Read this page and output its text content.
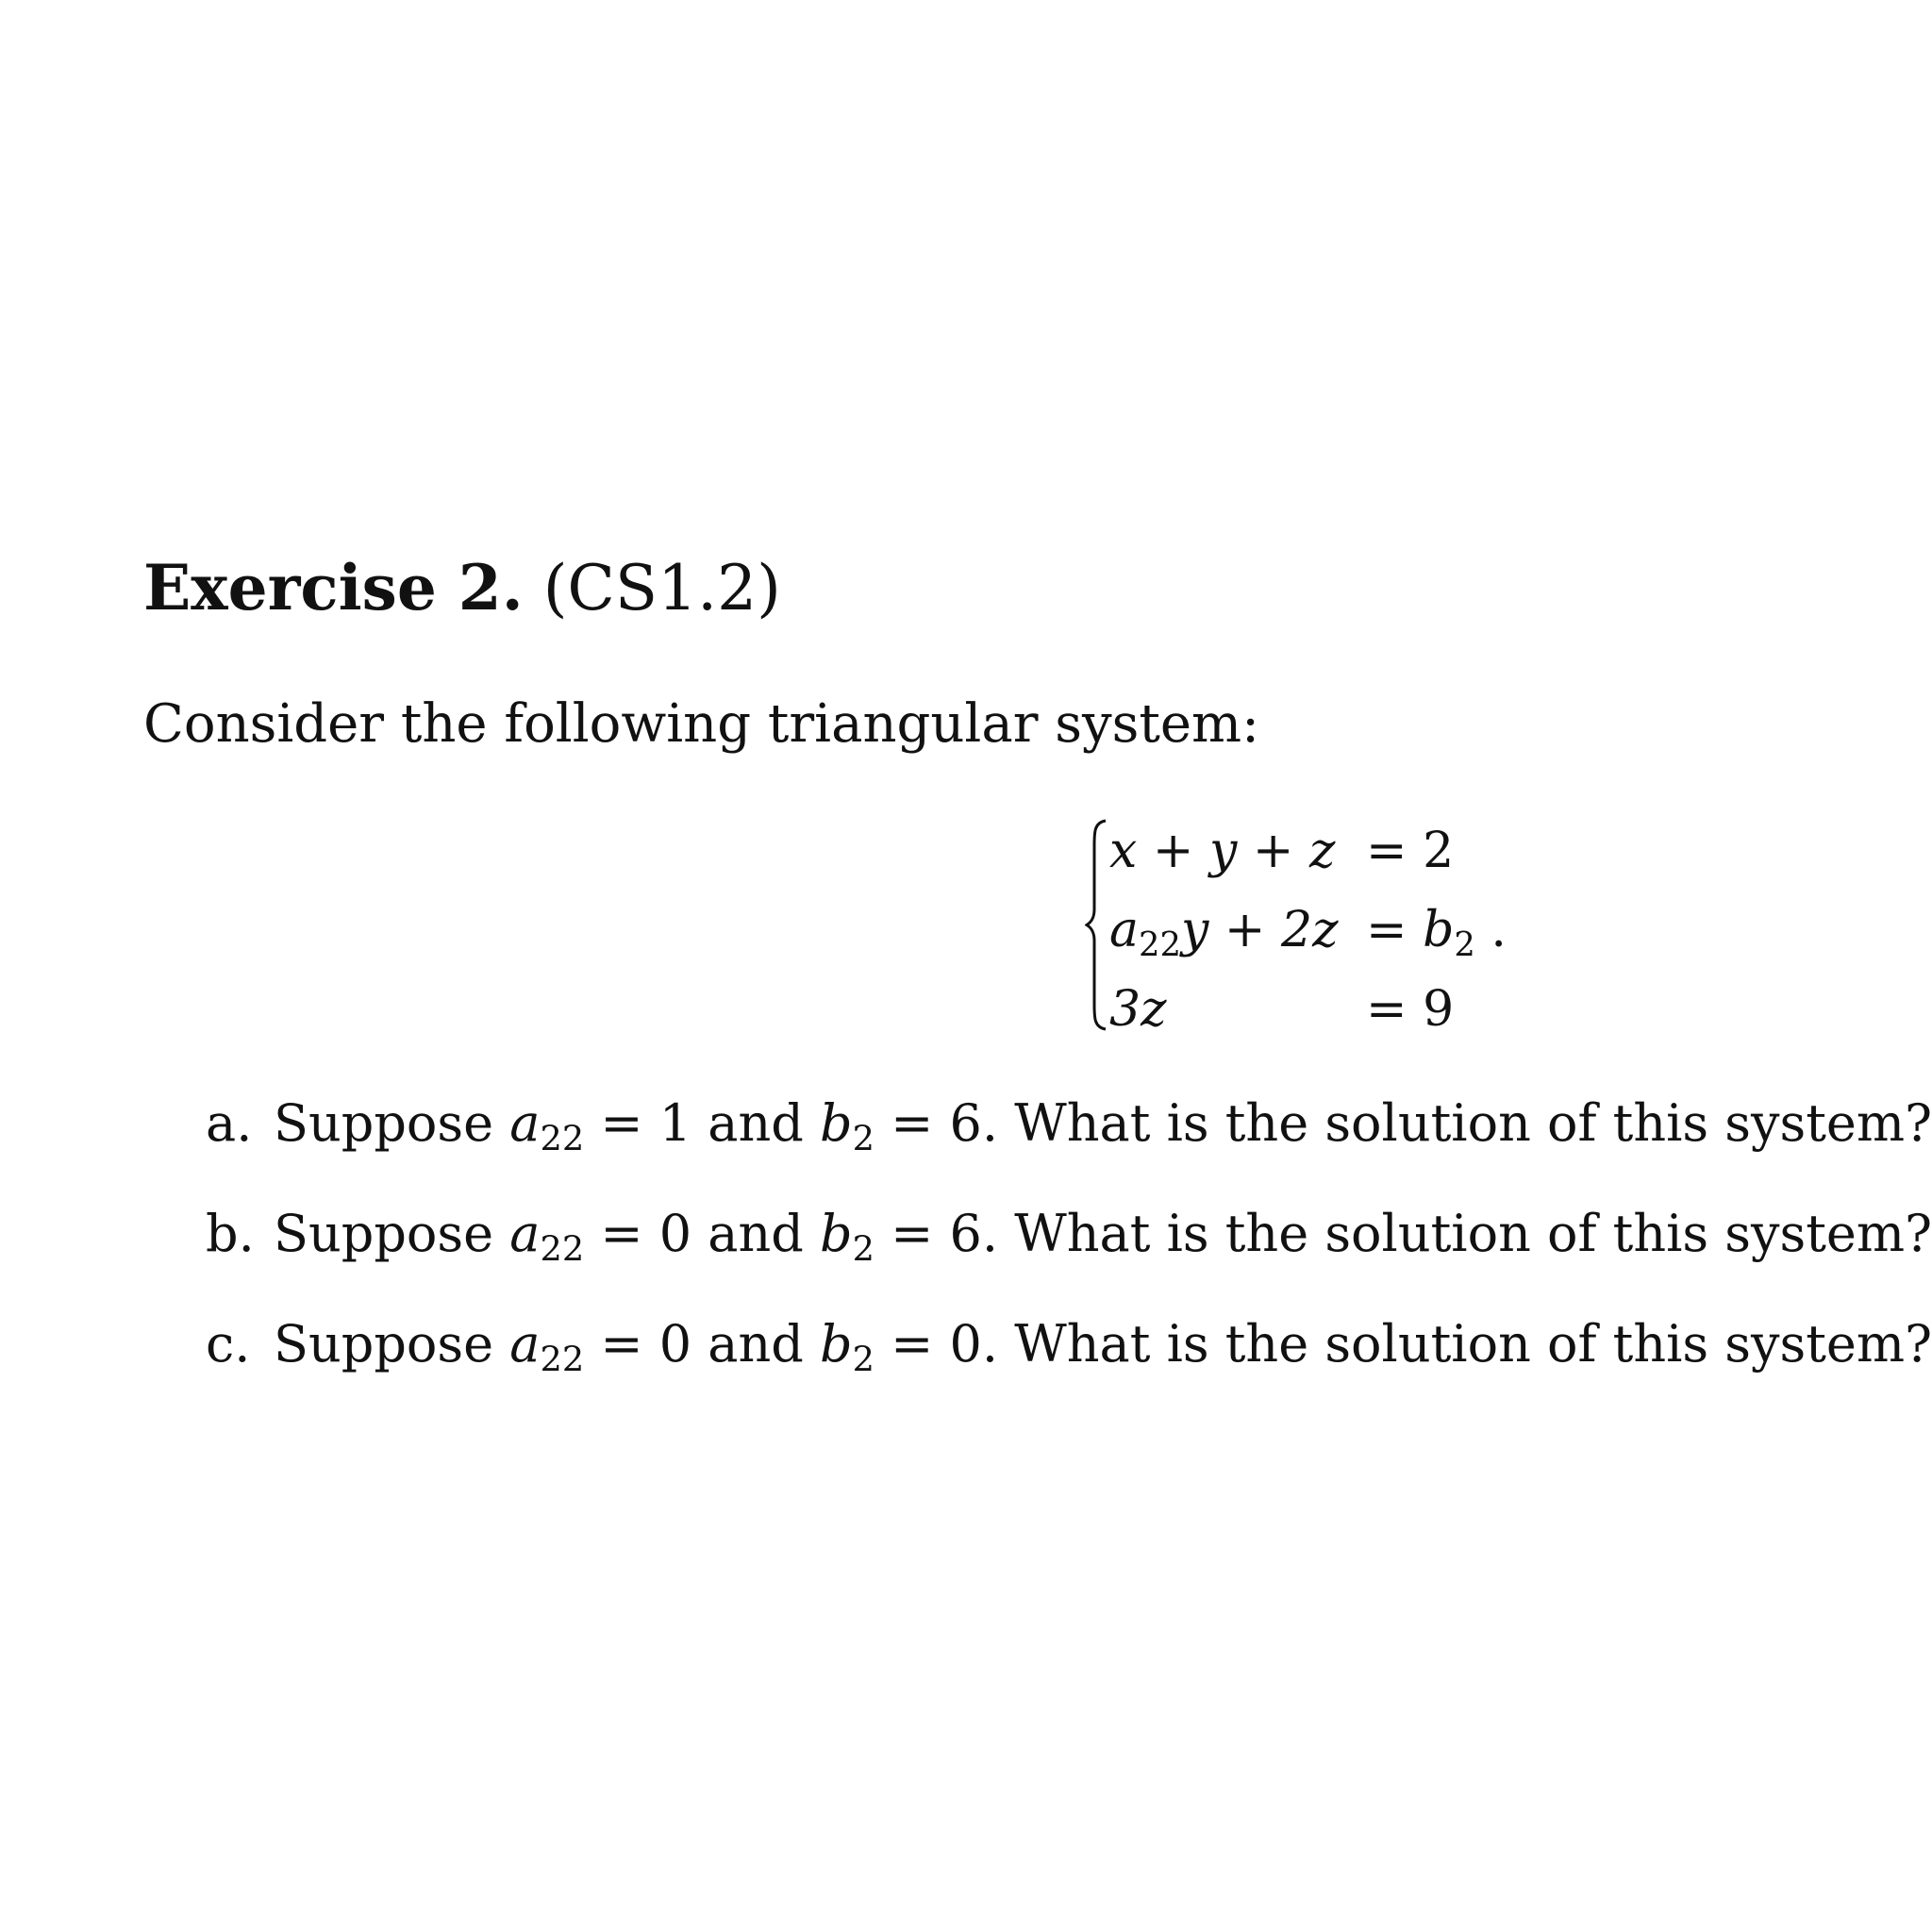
Exercise 2. (CS1.2)
Consider the following triangular system:
x + y + z = 2
$a_{22}y + 2z = b_2$ .
3z	= 9
a. Suppose $a_{22} = 1$ and $b_2 = 6$. What is the solution of this system?
b. Suppose $a_{22} = 0$ and $b_2 = 6$. What is the solution of this system?
c. Suppose $a_{22} = 0$ and $b_2 = 0$. What is the solution of this system?
